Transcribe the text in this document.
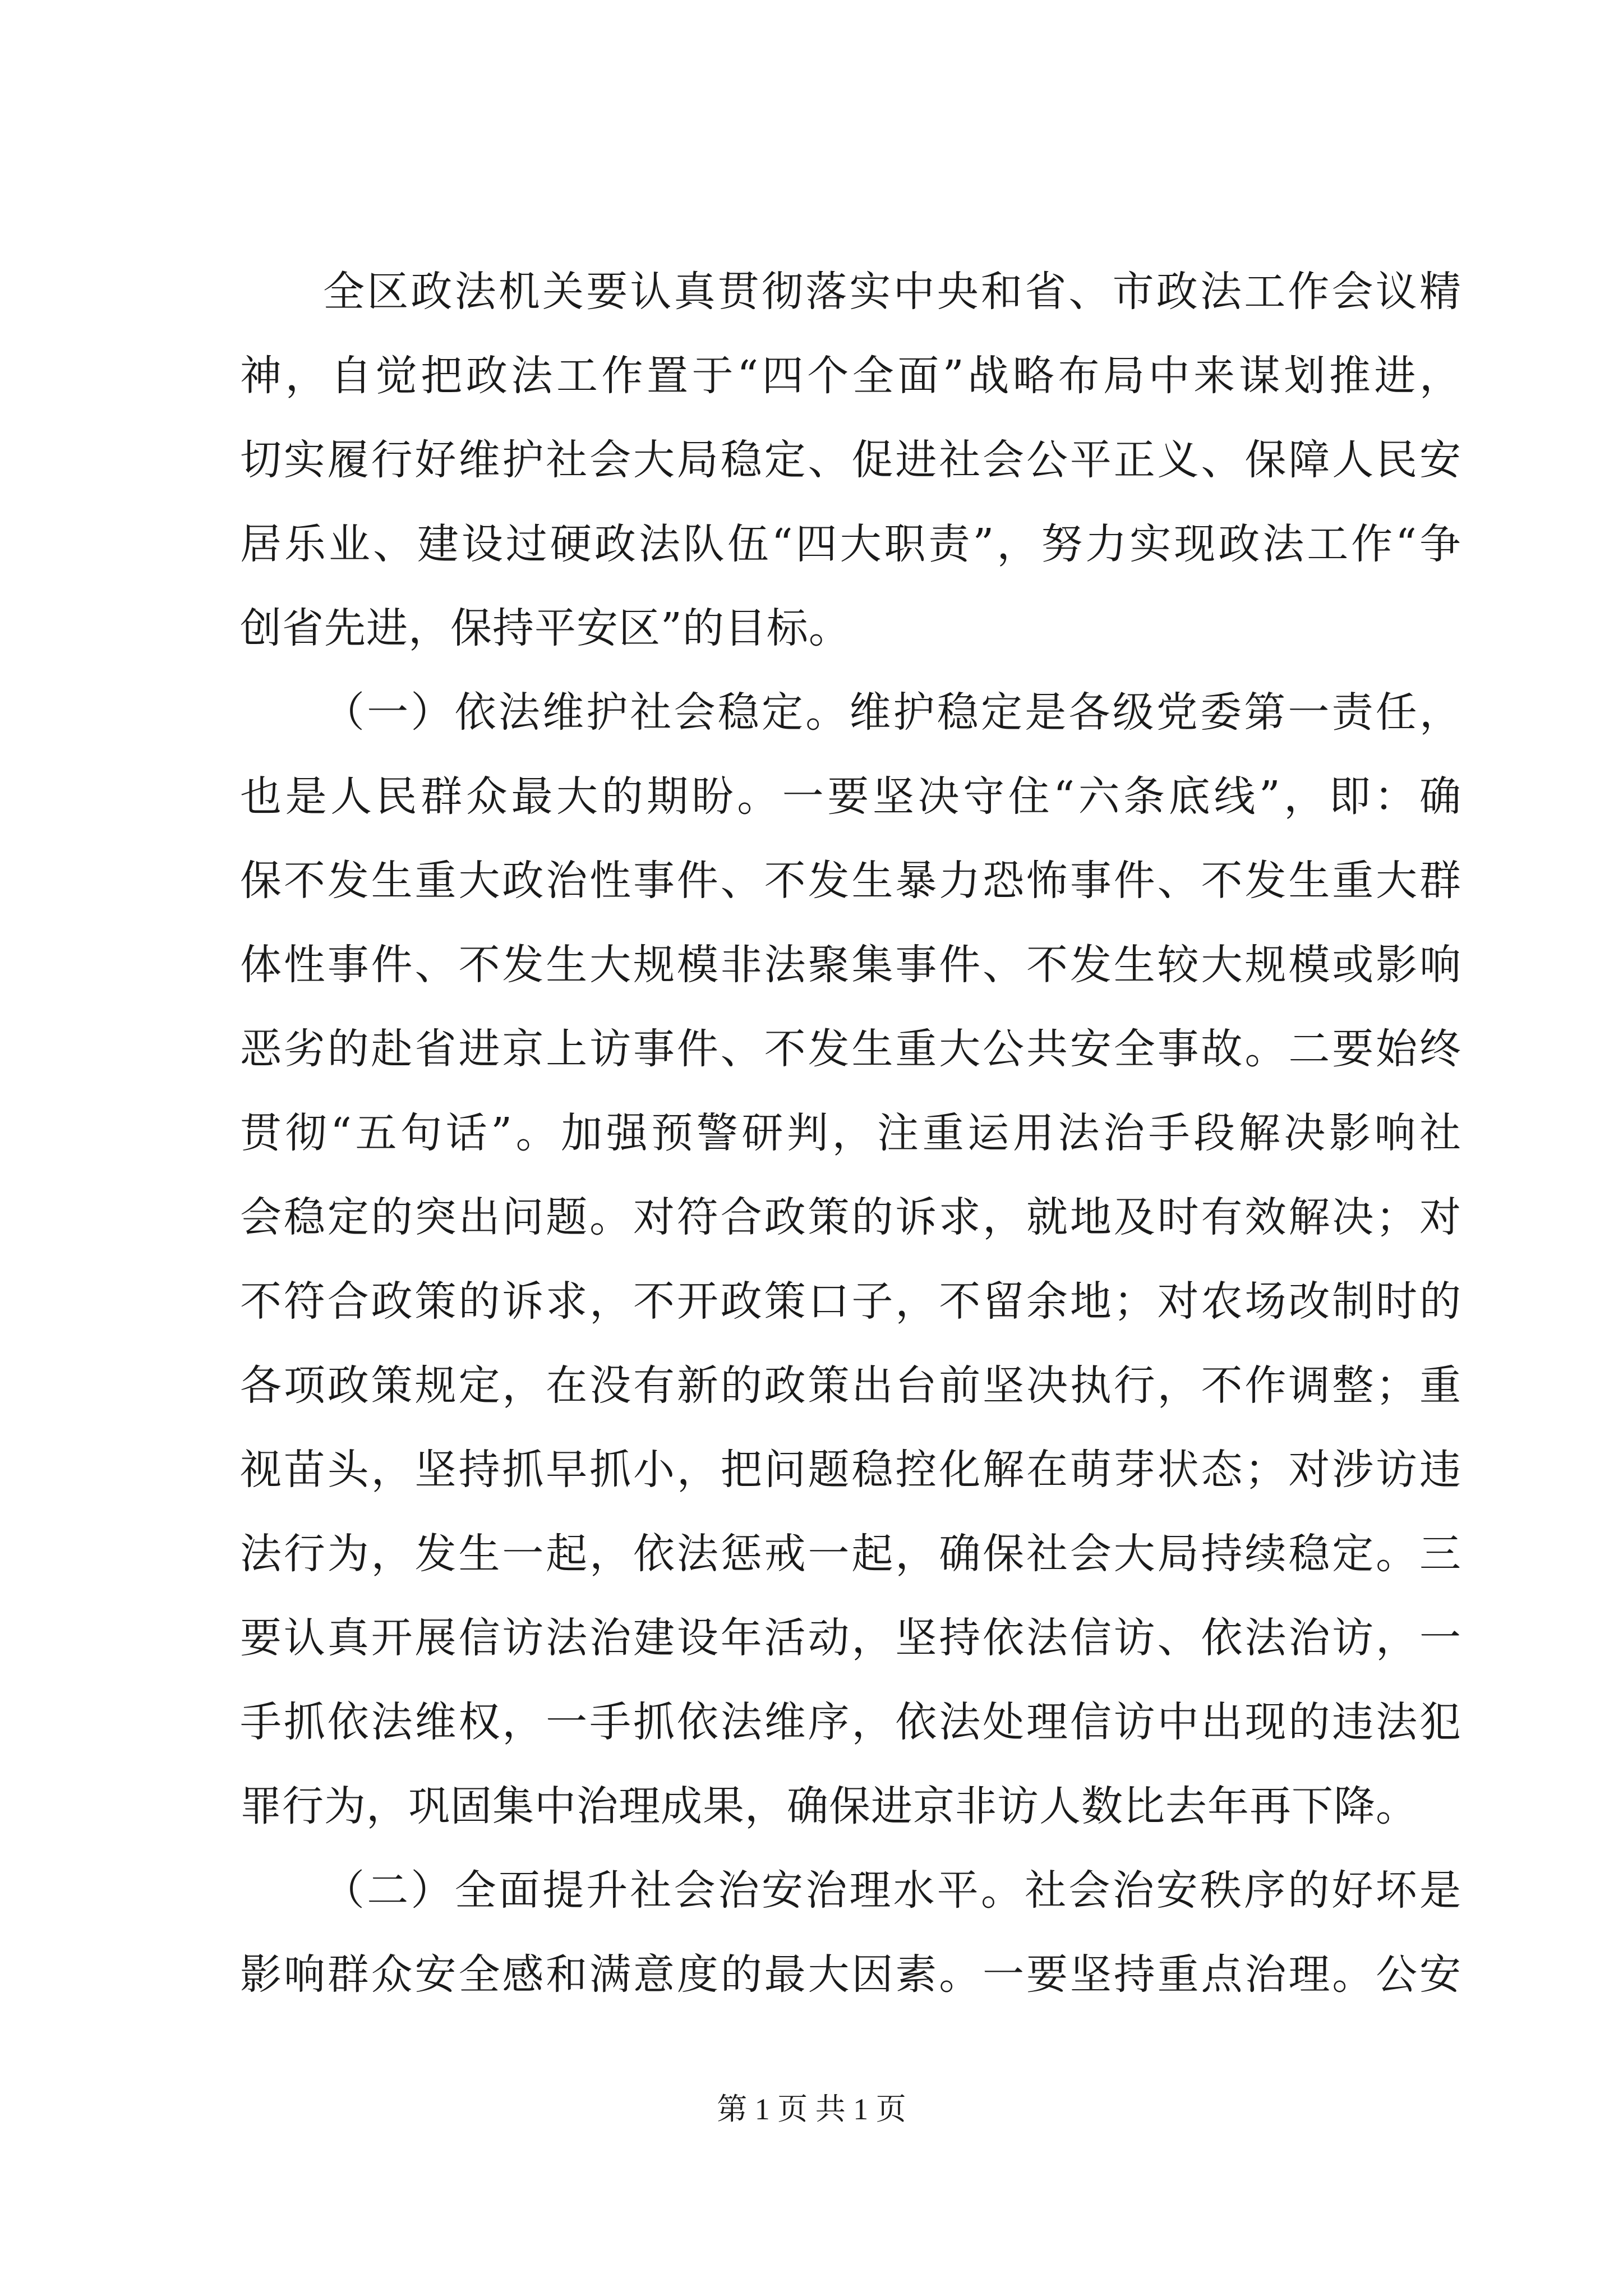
全区政法机关要认真贯彻落实中央和省、市政法工作会议精
神，自觉把政法工作置于“四个全面”战略布局中来谋划推进，
切实履行好维护社会大局稳定、促进社会公平正义、保障人民安
居乐业、建设过硬政法队伍“四大职责”，努力实现政法工作“争
创省先进，保持平安区”的目标。

（一）依法维护社会稳定。维护稳定是各级党委第一责任，
也是人民群众最大的期盼。一要坚决守住“六条底线”，即：确
保不发生重大政治性事件、不发生暴力恐怖事件、不发生重大群
体性事件、不发生大规模非法聚集事件、不发生较大规模或影响
恶劣的赴省进京上访事件、不发生重大公共安全事故。二要始终
贯彻“五句话”。加强预警研判，注重运用法治手段解决影响社
会稳定的突出问题。对符合政策的诉求，就地及时有效解决；对
不符合政策的诉求，不开政策口子，不留余地；对农场改制时的
各项政策规定，在没有新的政策出台前坚决执行，不作调整；重
视苗头，坚持抓早抓小，把问题稳控化解在萌芽状态；对涉访违
法行为，发生一起，依法惩戒一起，确保社会大局持续稳定。三
要认真开展信访法治建设年活动，坚持依法信访、依法治访，一
手抓依法维权，一手抓依法维序，依法处理信访中出现的违法犯
罪行为，巩固集中治理成果，确保进京非访人数比去年再下降。

（二）全面提升社会治安治理水平。社会治安秩序的好坏是
影响群众安全感和满意度的最大因素。一要坚持重点治理。公安

第 1 页 共 1 页
